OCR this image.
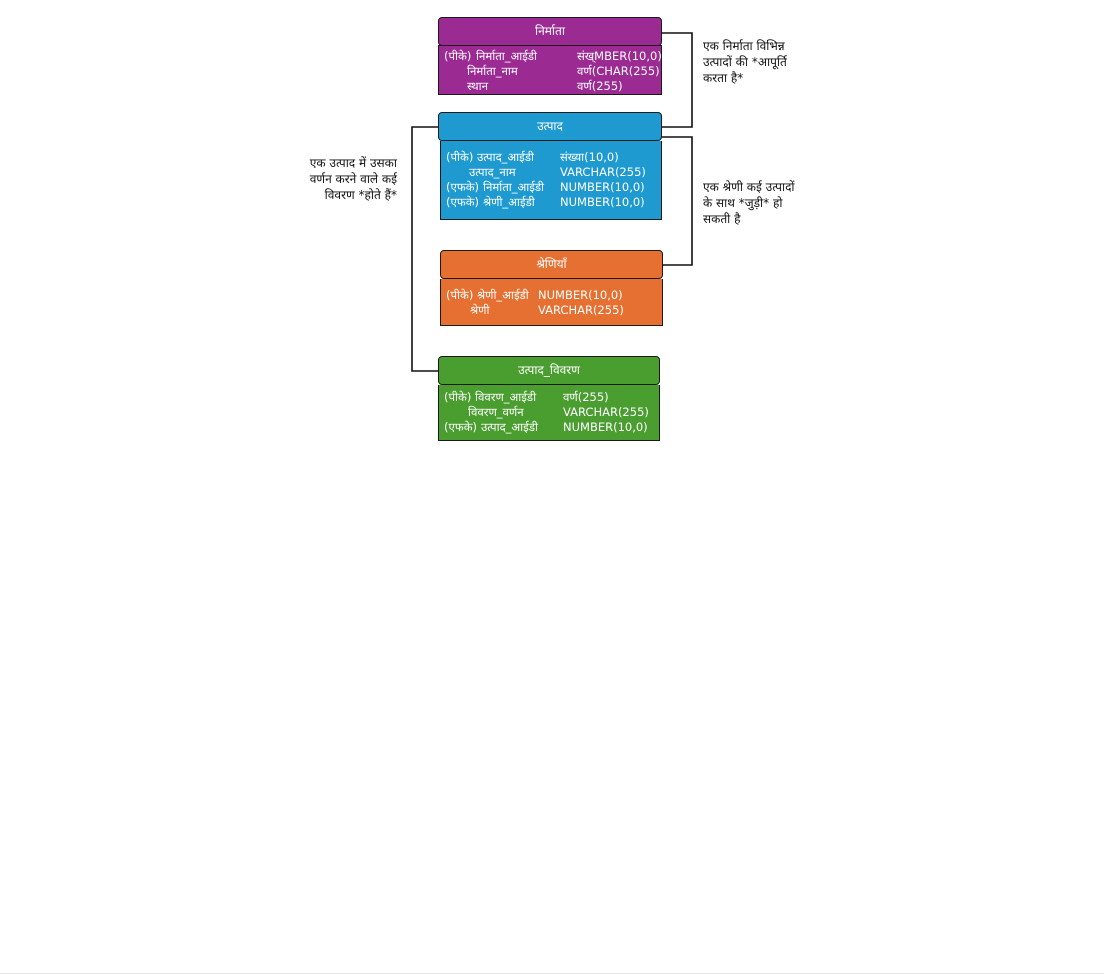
निर्माता
(पीके) निर्माता_आईडी	संख्MBER(10,0)
निर्माता_नाम	वर्ण(CHAR(255)
स्थान	वर्ण(255)
उत्पाद
(पीके) उत्पाद_आईडी संख्या(10,0)
उत्पाद_नाम	VARCHAR(255)
(एफके) निर्माता_आईडी NUMBER(10,0)
(एफके) श्रेणी_आईडी NUMBER(10,0)
श्रेणियाँ
(पीके) श्रेणी_आईडी NUMBER(10,0)
श्रेणी	VARCHAR(255)
उत्पाद_विवरण
(पीके) विवरण_आईडी वर्ण(255)
विवरण_वर्णन	VARCHAR(255)
(एफके) उत्पाद_आईडी NUMBER(10,0)
एक निर्माता विभिन्न
उत्पादों की *आपूर्ति
करता है*
एक श्रेणी कई उत्पादों
के साथ *जुड़ी* हो
सकती है
एक उत्पाद में उसका
वर्णन करने वाले कई
विवरण *होते हैं*
